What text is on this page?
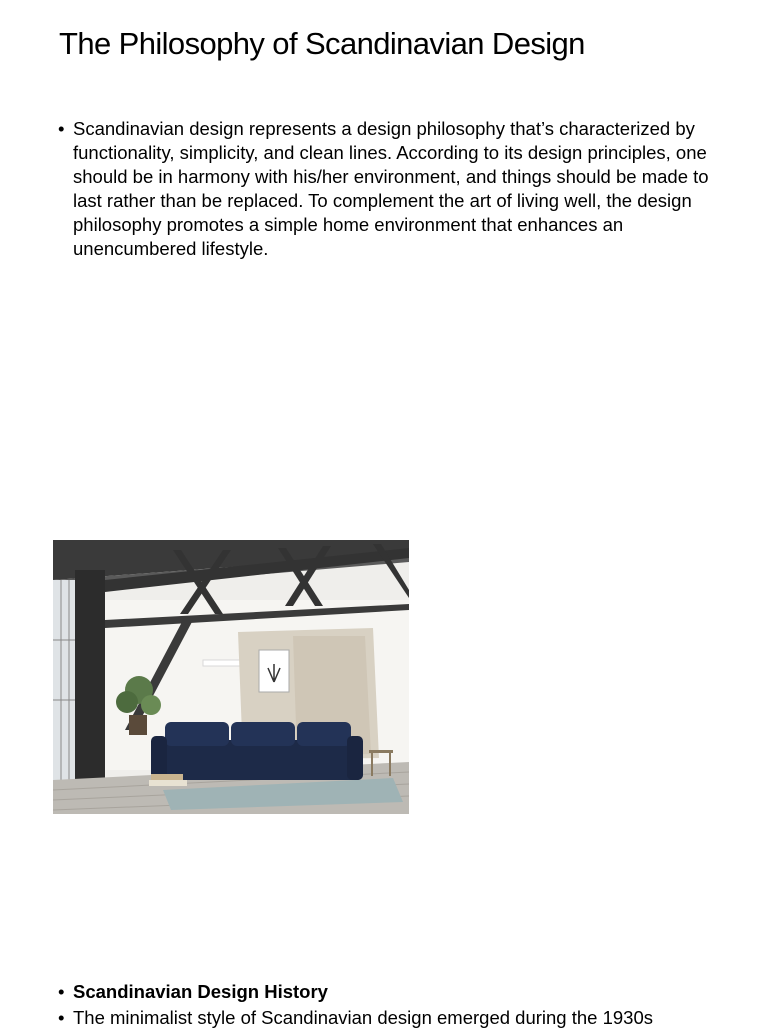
The Philosophy of Scandinavian Design
• Scandinavian design represents a design philosophy that’s characterized by functionality, simplicity, and clean lines. According to its design principles, one should be in harmony with his/her environment, and things should be made to last rather than be replaced. To complement the art of living well, the design philosophy promotes a simple home environment that enhances an unencumbered lifestyle.
• Scandinavian Design History
• The minimalist style of Scandinavian design emerged during the 1930s
